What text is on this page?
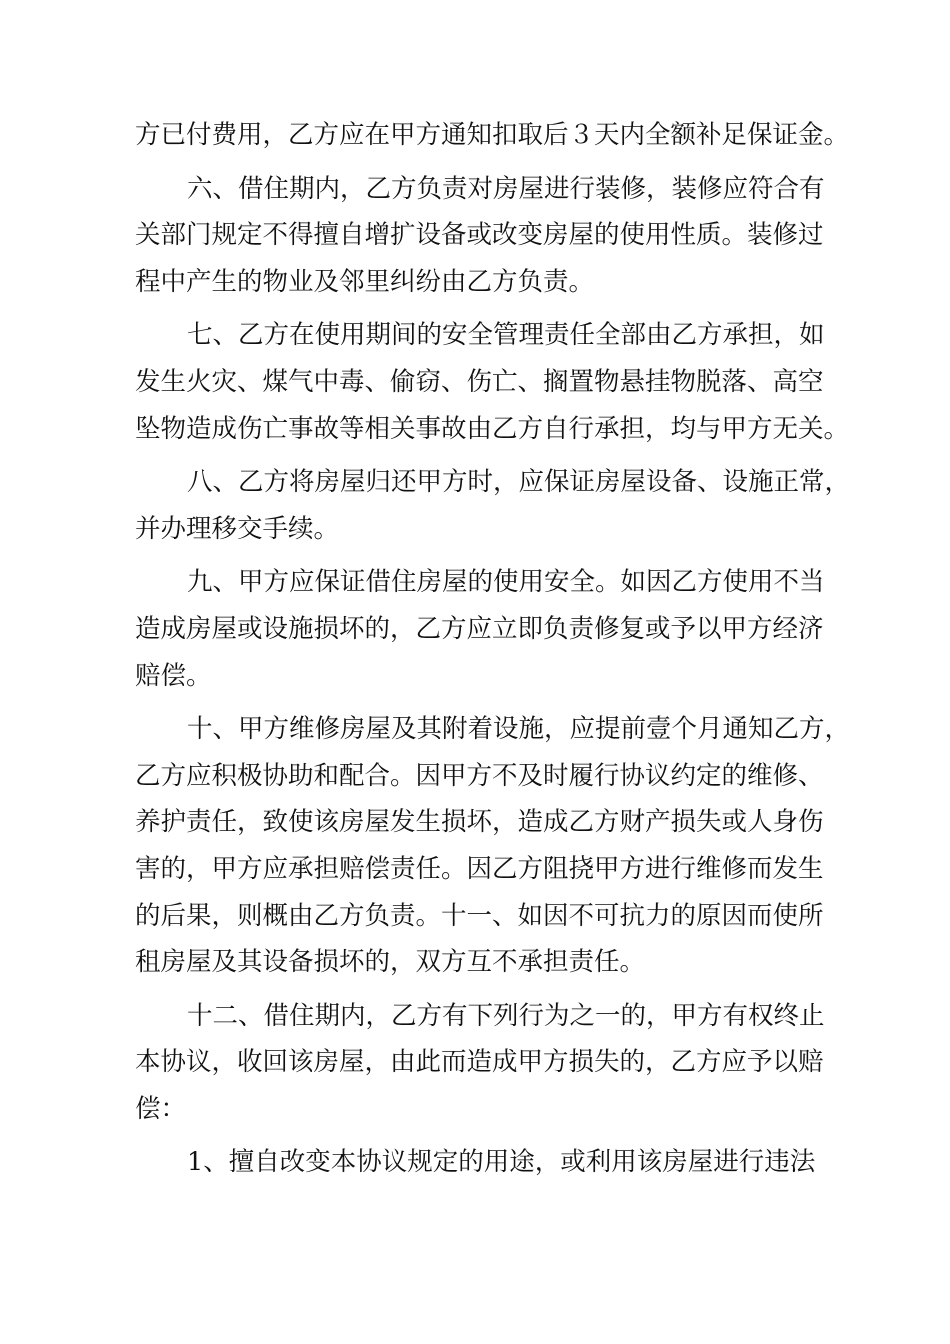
方已付费用，乙方应在甲方通知扣取后３天内全额补足保证金。
六、借住期内，乙方负责对房屋进行装修，装修应符合有
关部门规定不得擅自增扩设备或改变房屋的使用性质。装修过
程中产生的物业及邻里纠纷由乙方负责。
七、乙方在使用期间的安全管理责任全部由乙方承担，如
发生火灾、煤气中毒、偷窃、伤亡、搁置物悬挂物脱落、高空
坠物造成伤亡事故等相关事故由乙方自行承担，均与甲方无关。
八、乙方将房屋归还甲方时，应保证房屋设备、设施正常，
并办理移交手续。
九、甲方应保证借住房屋的使用安全。如因乙方使用不当
造成房屋或设施损坏的，乙方应立即负责修复或予以甲方经济
赔偿。
十、甲方维修房屋及其附着设施，应提前壹个月通知乙方，
乙方应积极协助和配合。因甲方不及时履行协议约定的维修、
养护责任，致使该房屋发生损坏，造成乙方财产损失或人身伤
害的，甲方应承担赔偿责任。因乙方阻挠甲方进行维修而发生
的后果，则概由乙方负责。十一、如因不可抗力的原因而使所
租房屋及其设备损坏的，双方互不承担责任。
十二、借住期内，乙方有下列行为之一的，甲方有权终止
本协议，收回该房屋，由此而造成甲方损失的，乙方应予以赔
偿：
1、擅自改变本协议规定的用途，或利用该房屋进行违法
